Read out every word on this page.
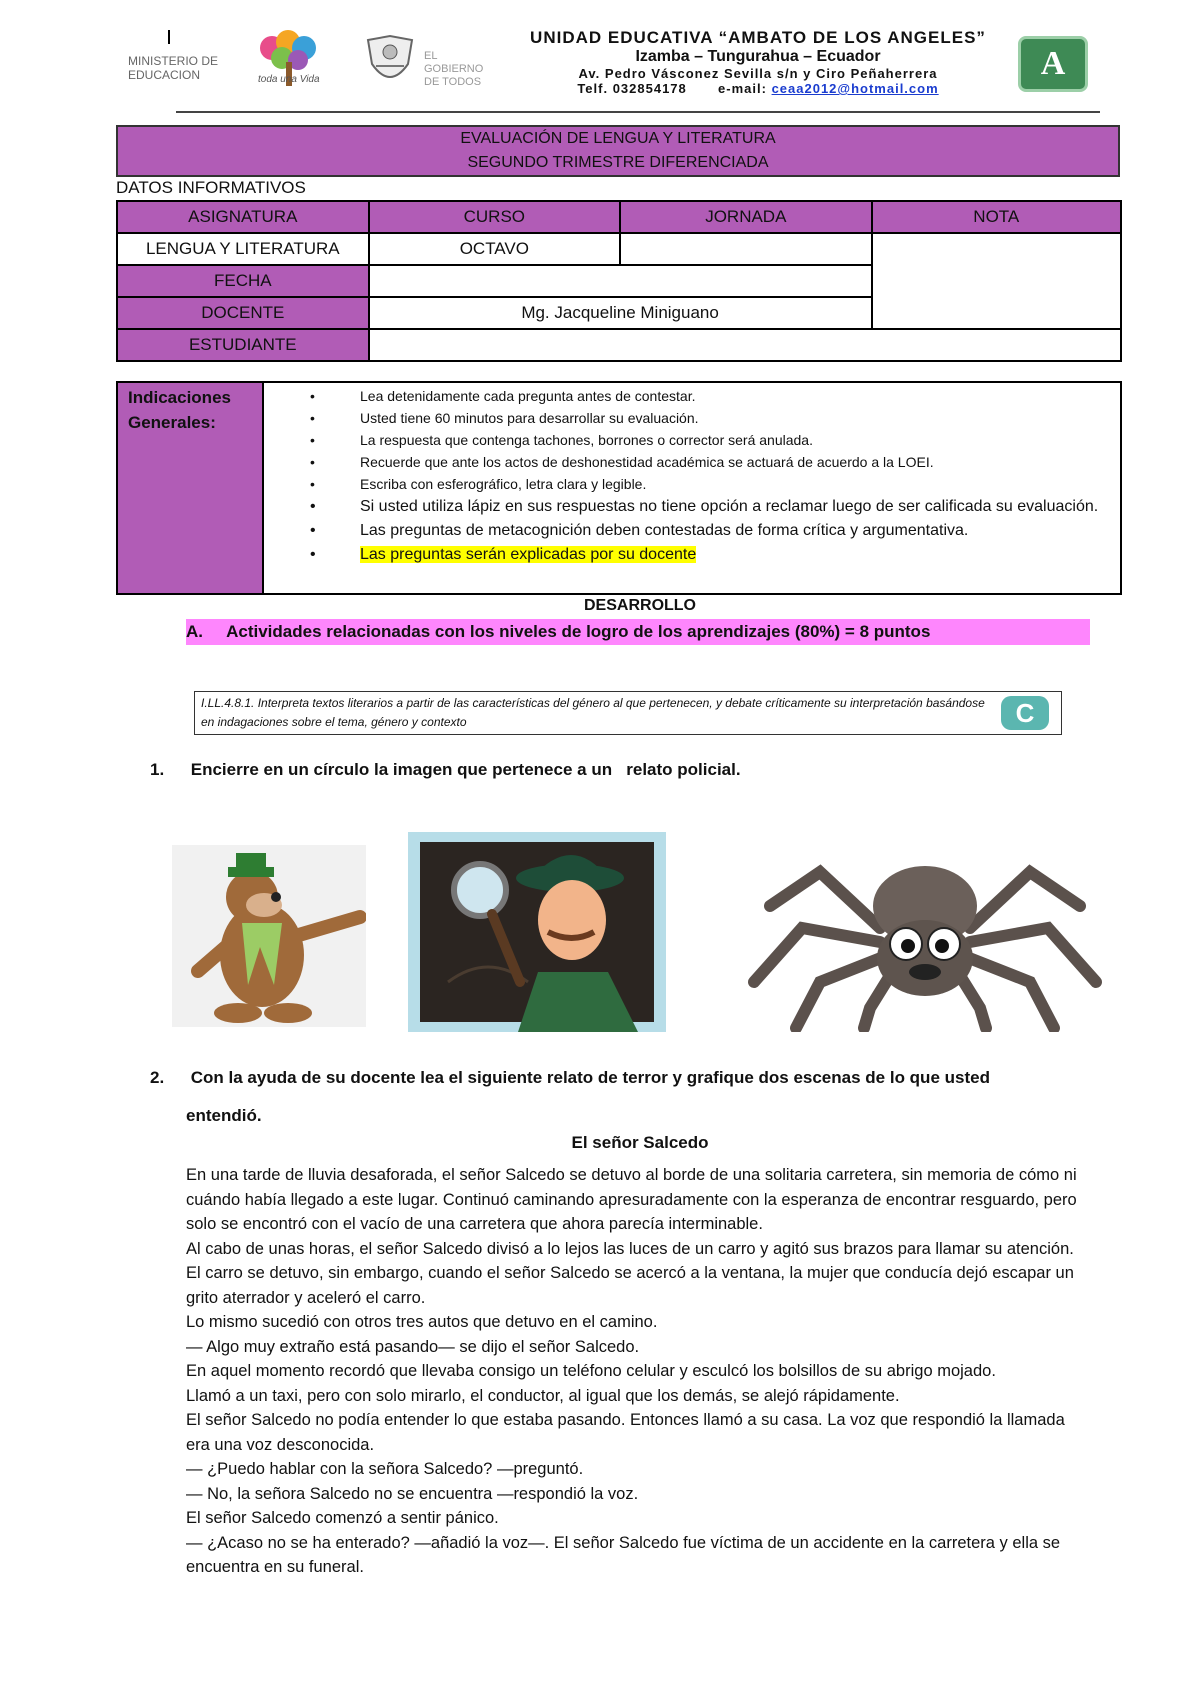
MINISTERIO DE EDUCACION	toda una Vida
EL GOBIERNO DE TODOS
UNIDAD EDUCATIVA “AMBATO DE LOS ANGELES”
Izamba – Tungurahua – Ecuador
Av. Pedro Vásconez Sevilla s/n y Ciro Peñaherrera
Telf. 032854178 e-mail: ceaa2012@hotmail.com
A
EVALUACIÓN DE LENGUA Y LITERATURA
SEGUNDO TRIMESTRE DIFERENCIADA
DATOS INFORMATIVOS
ASIGNATURA	CURSO	JORNADA	NOTA
LENGUA Y LITERATURA	OCTAVO		
FECHA			
DOCENTE	Mg. Jacqueline Miniguano		
ESTUDIANTE			
Indicaciones Generales:
• Lea detenidamente cada pregunta antes de contestar.
• Usted tiene 60 minutos para desarrollar su evaluación.
• La respuesta que contenga tachones, borrones o corrector será anulada.
• Recuerde que ante los actos de deshonestidad académica se actuará de acuerdo a la LOEI.
• Escriba con esferográfico, letra clara y legible.
• Si usted utiliza lápiz en sus respuestas no tiene opción a reclamar luego de ser calificada su evaluación.
• Las preguntas de metacognición deben contestadas de forma crítica y argumentativa.
• Las preguntas serán explicadas por su docente
DESARROLLO
A. Actividades relacionadas con los niveles de logro de los aprendizajes (80%) = 8 puntos
I.LL.4.8.1. Interpreta textos literarios a partir de las características del género al que pertenecen, y debate críticamente su interpretación basándose en indagaciones sobre el tema, género y contexto	C
1. Encierre en un círculo la imagen que pertenece a un   relato policial.
2. Con la ayuda de su docente lea el siguiente relato de terror y grafique dos escenas de lo que usted
entendió.
El señor Salcedo

En una tarde de lluvia desaforada, el señor Salcedo se detuvo al borde de una solitaria carretera, sin memoria de cómo ni cuándo había llegado a este lugar. Continuó caminando apresuradamente con la esperanza de encontrar resguardo, pero solo se encontró con el vacío de una carretera que ahora parecía interminable.

Al cabo de unas horas, el señor Salcedo divisó a lo lejos las luces de un carro y agitó sus brazos para llamar su atención. El carro se detuvo, sin embargo, cuando el señor Salcedo se acercó a la ventana, la mujer que conducía dejó escapar un grito aterrador y aceleró el carro.

Lo mismo sucedió con otros tres autos que detuvo en el camino.

— Algo muy extraño está pasando— se dijo el señor Salcedo.

En aquel momento recordó que llevaba consigo un teléfono celular y esculcó los bolsillos de su abrigo mojado.

Llamó a un taxi, pero con solo mirarlo, el conductor, al igual que los demás, se alejó rápidamente.

El señor Salcedo no podía entender lo que estaba pasando. Entonces llamó a su casa. La voz que respondió la llamada era una voz desconocida.

— ¿Puedo hablar con la señora Salcedo? —preguntó.

— No, la señora Salcedo no se encuentra —respondió la voz.

El señor Salcedo comenzó a sentir pánico.

— ¿Acaso no se ha enterado? —añadió la voz—. El señor Salcedo fue víctima de un accidente en la carretera y ella se encuentra en su funeral.
